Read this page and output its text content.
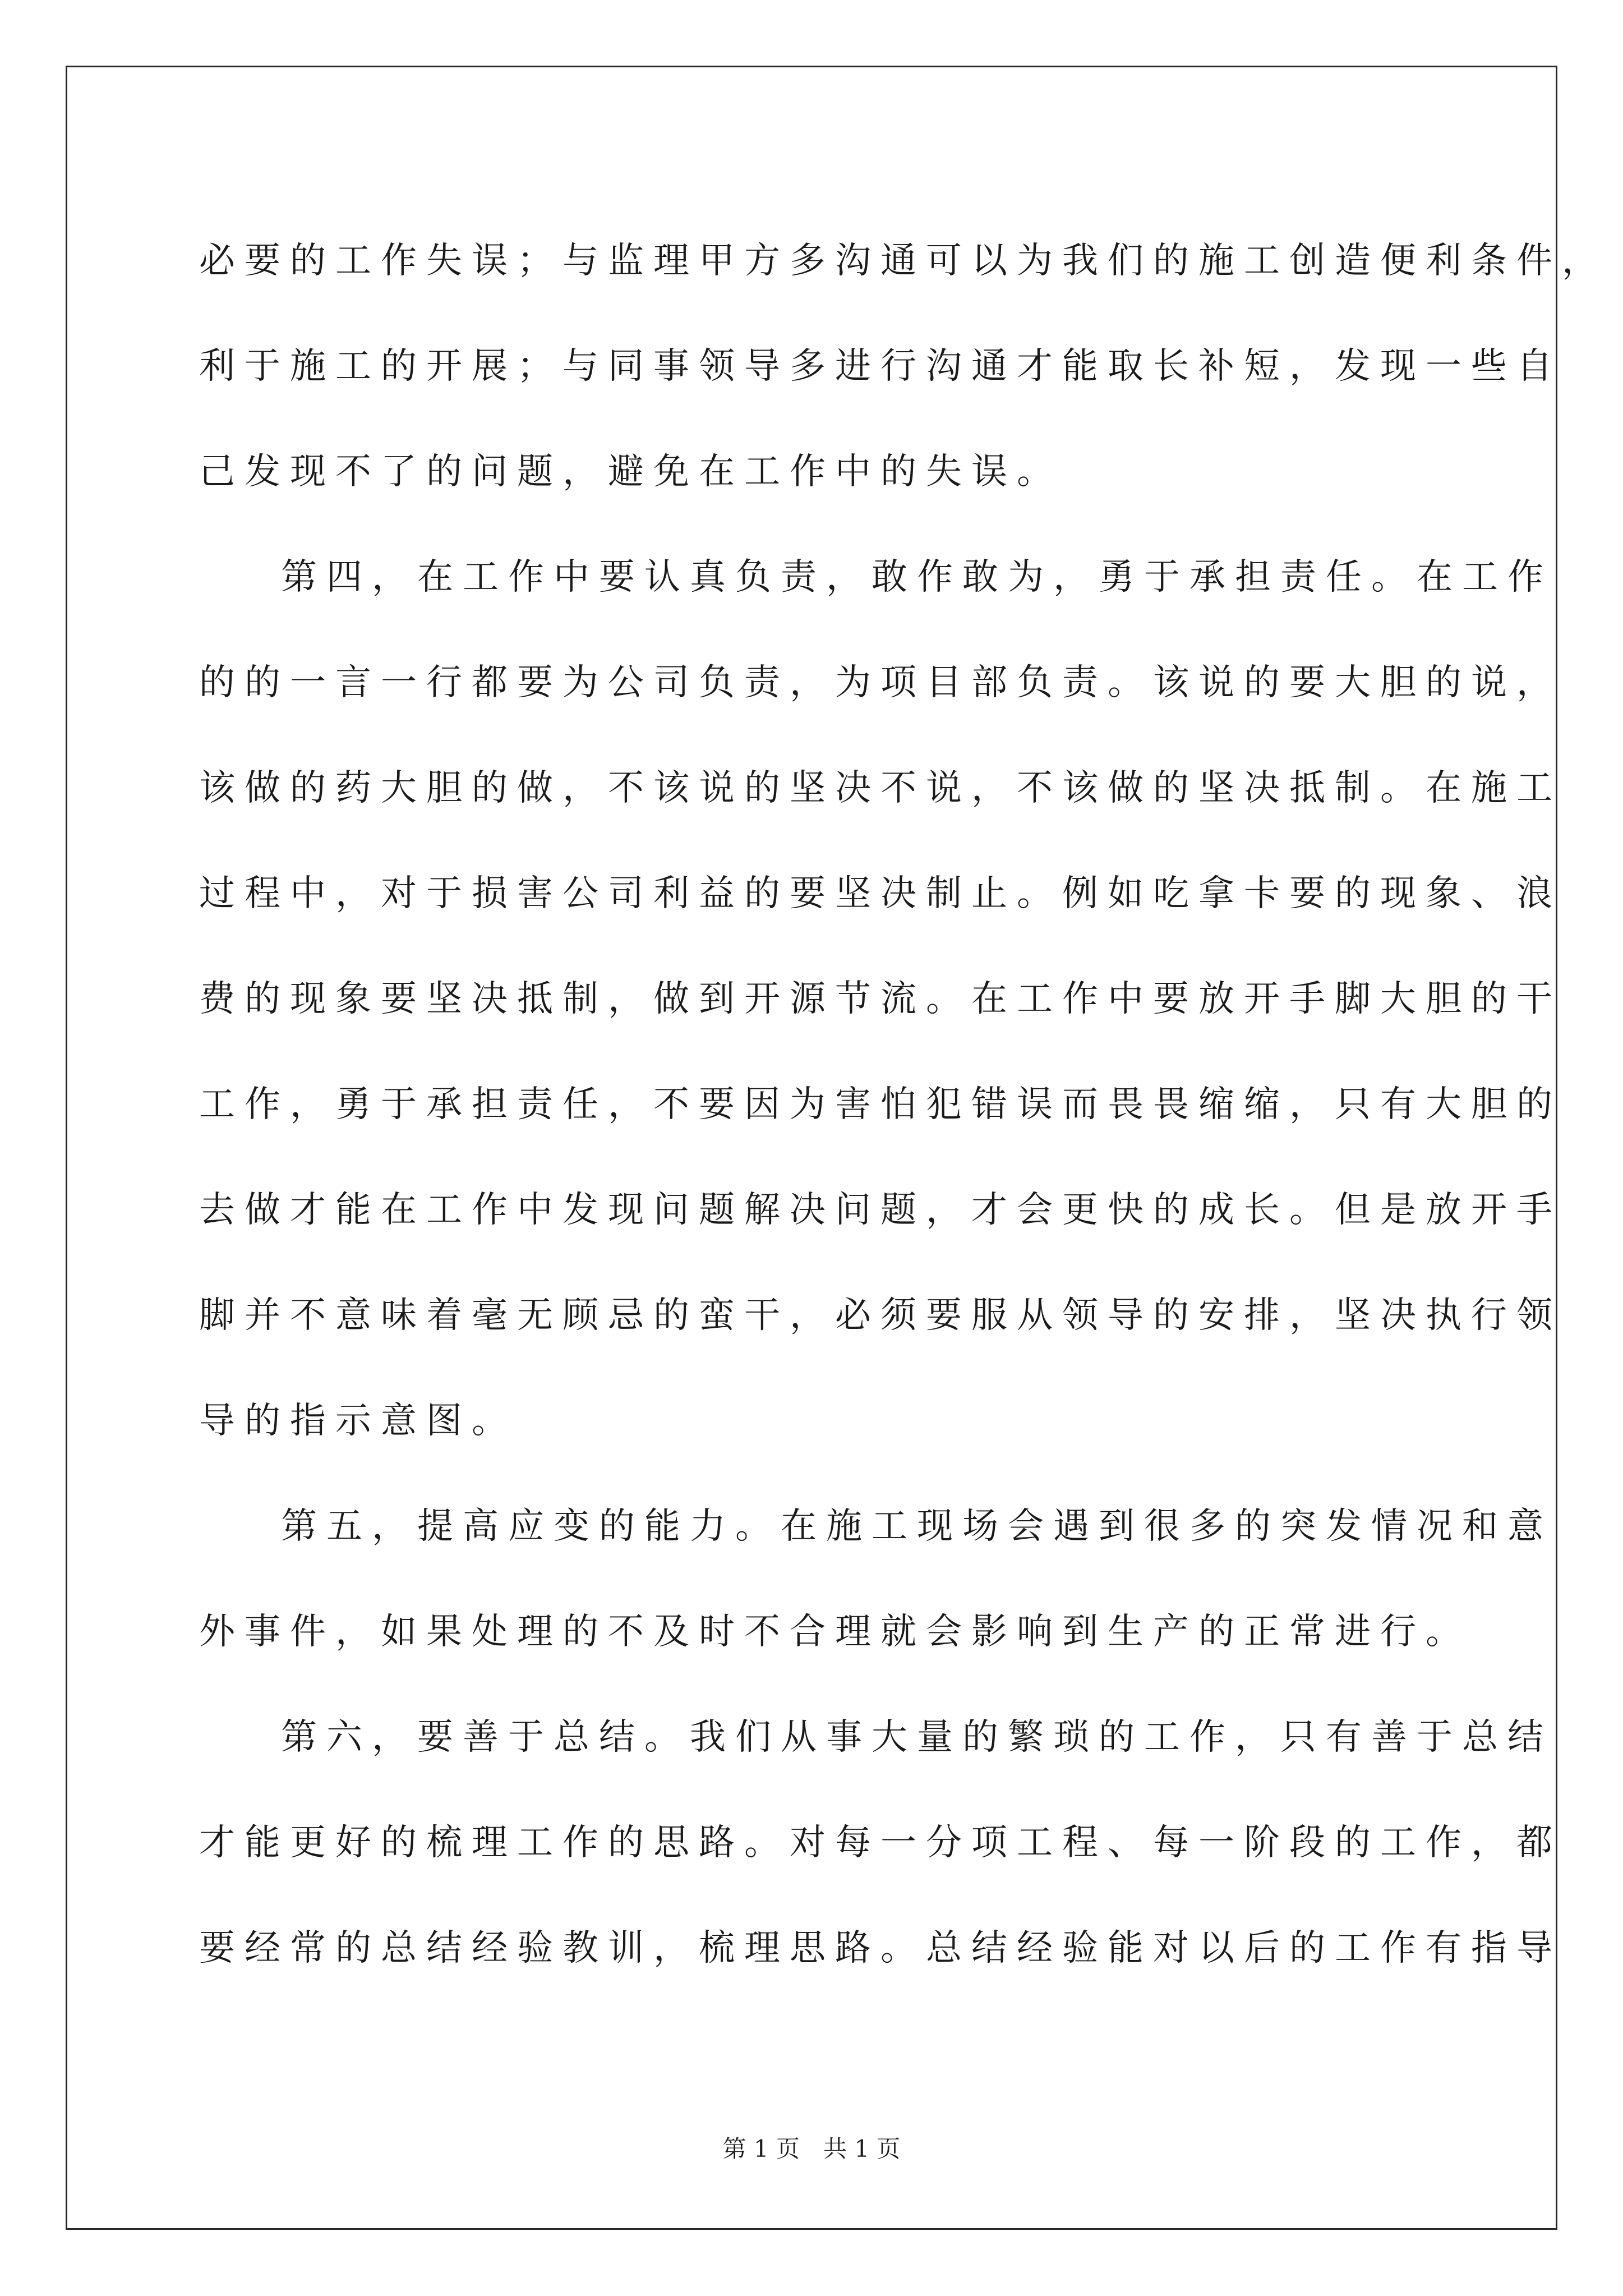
必要的工作失误；与监理甲方多沟通可以为我们的施工创造便利条件，
利于施工的开展；与同事领导多进行沟通才能取长补短，发现一些自
己发现不了的问题，避免在工作中的失误。
第四，在工作中要认真负责，敢作敢为，勇于承担责任。在工作
的的一言一行都要为公司负责，为项目部负责。该说的要大胆的说，
该做的药大胆的做，不该说的坚决不说，不该做的坚决抵制。在施工
过程中，对于损害公司利益的要坚决制止。例如吃拿卡要的现象、浪
费的现象要坚决抵制，做到开源节流。在工作中要放开手脚大胆的干
工作，勇于承担责任，不要因为害怕犯错误而畏畏缩缩，只有大胆的
去做才能在工作中发现问题解决问题，才会更快的成长。但是放开手
脚并不意味着毫无顾忌的蛮干，必须要服从领导的安排，坚决执行领
导的指示意图。
第五，提高应变的能力。在施工现场会遇到很多的突发情况和意
外事件，如果处理的不及时不合理就会影响到生产的正常进行。
第六，要善于总结。我们从事大量的繁琐的工作，只有善于总结
才能更好的梳理工作的思路。对每一分项工程、每一阶段的工作，都
要经常的总结经验教训，梳理思路。总结经验能对以后的工作有指导
第 1 页　共 1 页
